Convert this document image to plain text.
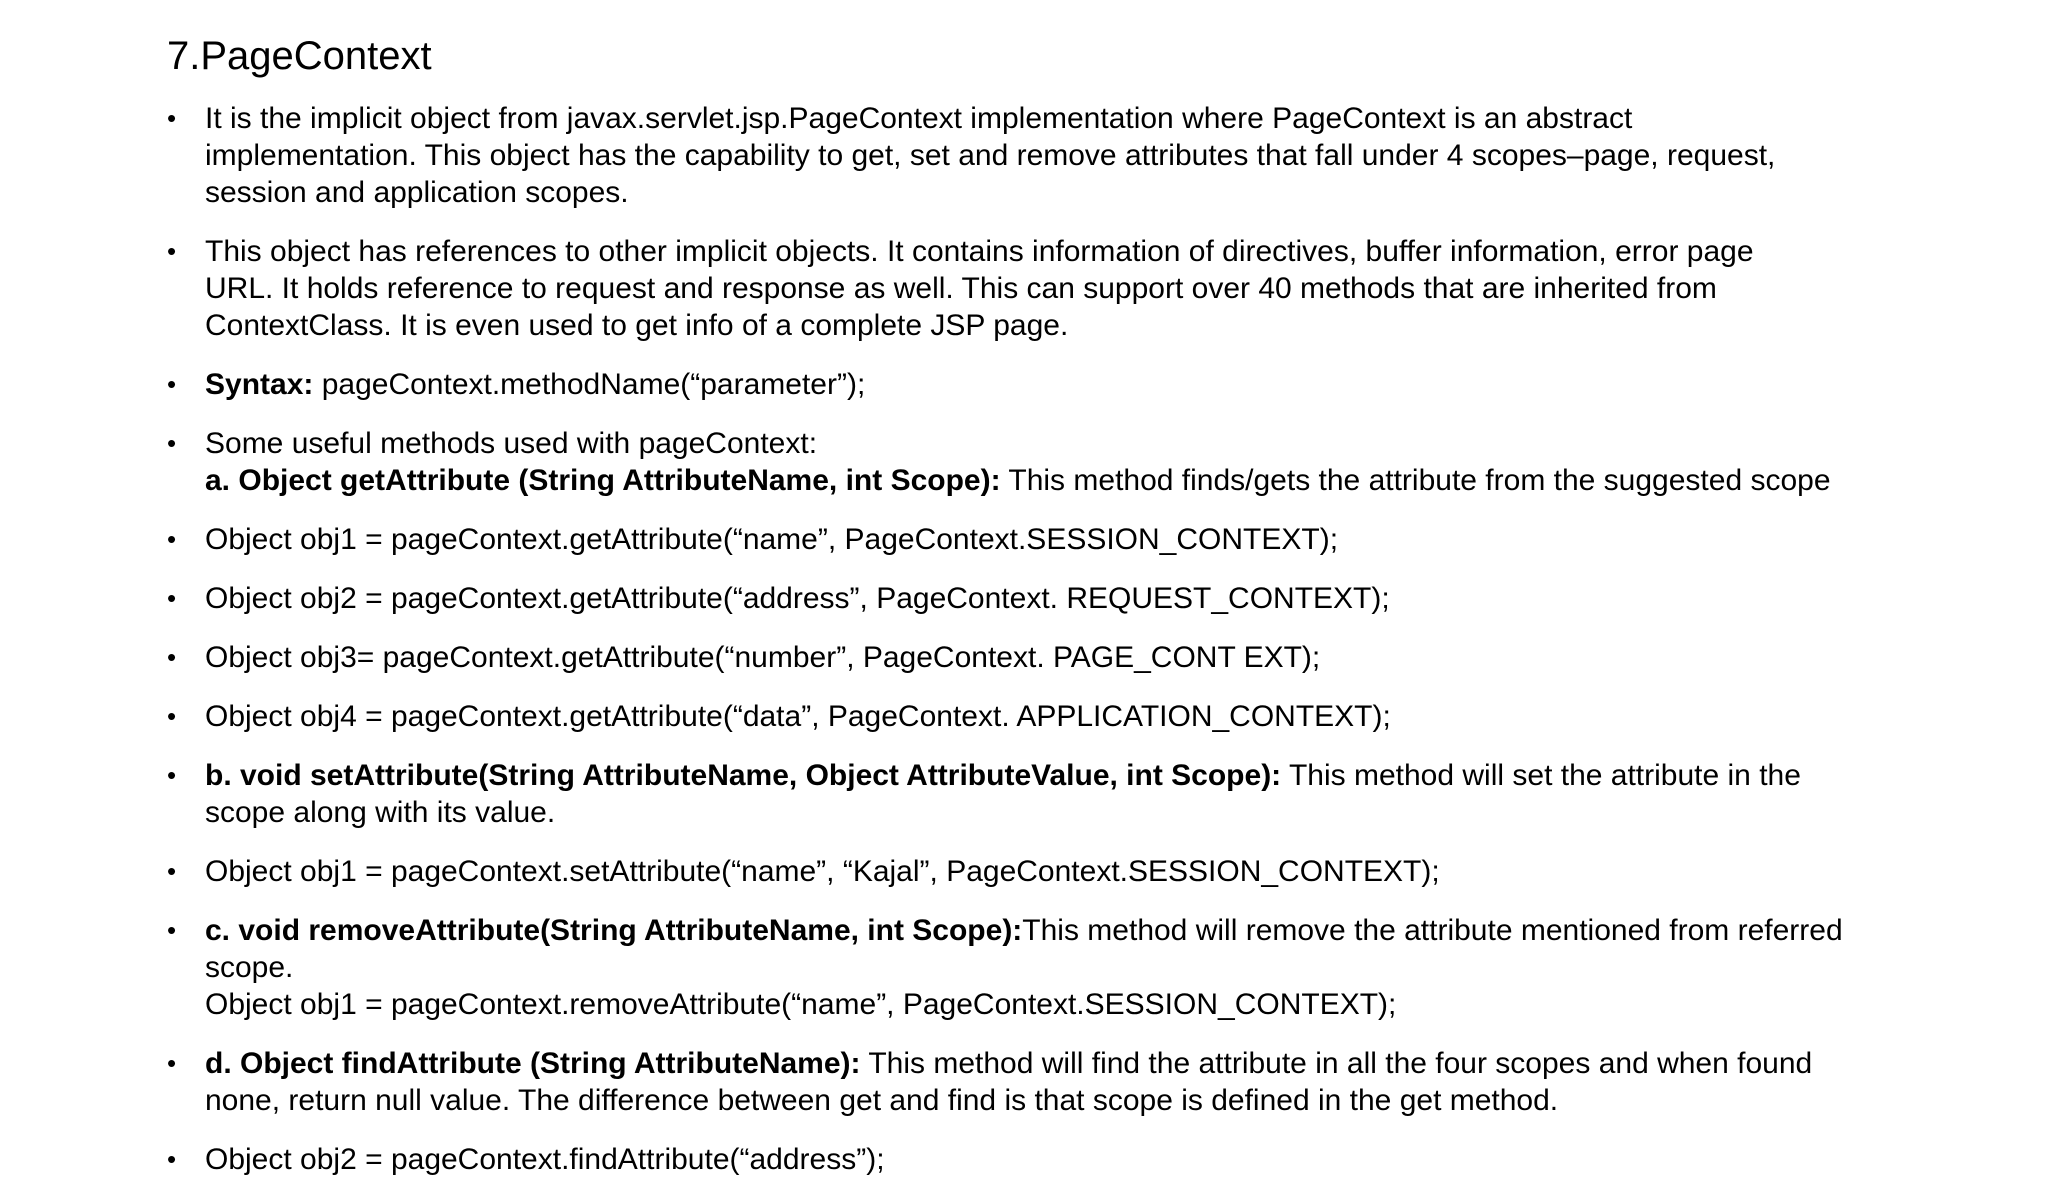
7.PageContext
• It is the implicit object from javax.servlet.jsp.PageContext implementation where PageContext is an abstract
implementation. This object has the capability to get, set and remove attributes that fall under 4 scopes–page, request,
session and application scopes.
• This object has references to other implicit objects. It contains information of directives, buffer information, error page
URL. It holds reference to request and response as well. This can support over 40 methods that are inherited from
ContextClass. It is even used to get info of a complete JSP page.
• Syntax: pageContext.methodName(“parameter”);
• Some useful methods used with pageContext:
a. Object getAttribute (String AttributeName, int Scope): This method finds/gets the attribute from the suggested scope
• Object obj1 = pageContext.getAttribute(“name”, PageContext.SESSION_CONTEXT);
• Object obj2 = pageContext.getAttribute(“address”, PageContext. REQUEST_CONTEXT);
• Object obj3= pageContext.getAttribute(“number”, PageContext. PAGE_CONT EXT);
• Object obj4 = pageContext.getAttribute(“data”, PageContext. APPLICATION_CONTEXT);
• b. void setAttribute(String AttributeName, Object AttributeValue, int Scope): This method will set the attribute in the
scope along with its value.
• Object obj1 = pageContext.setAttribute(“name”, “Kajal”, PageContext.SESSION_CONTEXT);
• c. void removeAttribute(String AttributeName, int Scope):This method will remove the attribute mentioned from referred
scope.
Object obj1 = pageContext.removeAttribute(“name”, PageContext.SESSION_CONTEXT);
• d. Object findAttribute (String AttributeName): This method will find the attribute in all the four scopes and when found
none, return null value. The difference between get and find is that scope is defined in the get method.
• Object obj2 = pageContext.findAttribute(“address”);
